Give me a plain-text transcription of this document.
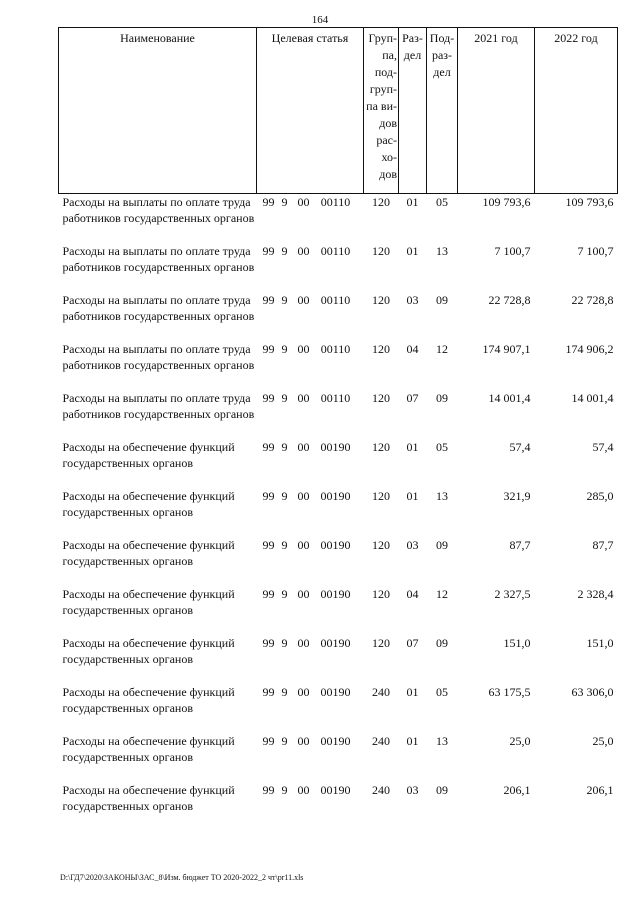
164
Наименование	Целевая статья	Груп-па, под-груп-па ви-дов рас-хо-дов	Раз-дел	Под-раз-дел	2021 год	2022 год
Расходы на выплаты по оплате труда работников государственных органов	99 9 00 00110	120	01	05	109 793,6	109 793,6
Расходы на выплаты по оплате труда работников государственных органов	99 9 00 00110	120	01	13	7 100,7	7 100,7
Расходы на выплаты по оплате труда работников государственных органов	99 9 00 00110	120	03	09	22 728,8	22 728,8
Расходы на выплаты по оплате труда работников государственных органов	99 9 00 00110	120	04	12	174 907,1	174 906,2
Расходы на выплаты по оплате труда работников государственных органов	99 9 00 00110	120	07	09	14 001,4	14 001,4
Расходы на обеспечение функций государственных органов	99 9 00 00190	120	01	05	57,4	57,4
Расходы на обеспечение функций государственных органов	99 9 00 00190	120	01	13	321,9	285,0
Расходы на обеспечение функций государственных органов	99 9 00 00190	120	03	09	87,7	87,7
Расходы на обеспечение функций государственных органов	99 9 00 00190	120	04	12	2 327,5	2 328,4
Расходы на обеспечение функций государственных органов	99 9 00 00190	120	07	09	151,0	151,0
Расходы на обеспечение функций государственных органов	99 9 00 00190	240	01	05	63 175,5	63 306,0
Расходы на обеспечение функций государственных органов	99 9 00 00190	240	01	13	25,0	25,0
Расходы на обеспечение функций государственных органов	99 9 00 00190	240	03	09	206,1	206,1
D:\ГД7\2020\ЗАКОНЫ\ЗАС_8\Изм. бюджет ТО 2020-2022_2 чт\pr11.xls
